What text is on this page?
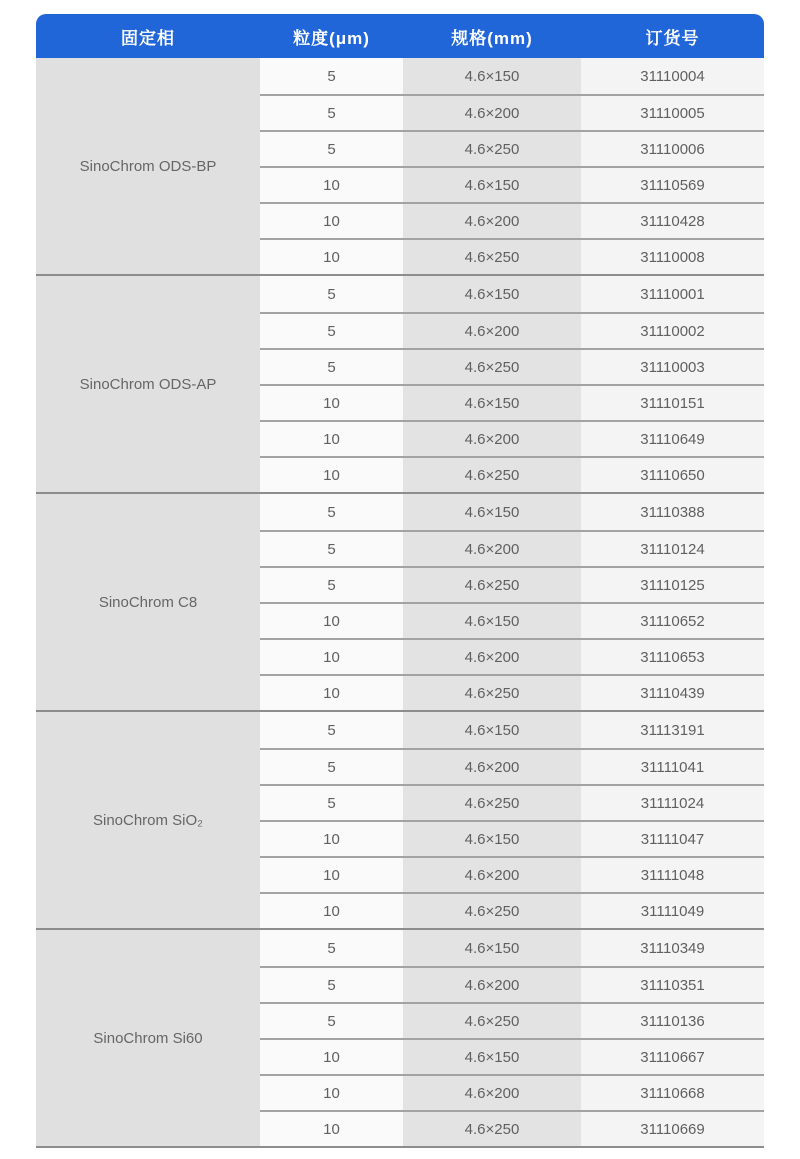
固定相	粒度(μm)	规格(mm)	订货号
SinoChrom ODS-BP
5	4.6×150	31110004
5	4.6×200	31110005
5	4.6×250	31110006
10	4.6×150	31110569
10	4.6×200	31110428
10	4.6×250	31110008
SinoChrom ODS-AP
5	4.6×150	31110001
5	4.6×200	31110002
5	4.6×250	31110003
10	4.6×150	31110151
10	4.6×200	31110649
10	4.6×250	31110650
SinoChrom C8
5	4.6×150	31110388
5	4.6×200	31110124
5	4.6×250	31110125
10	4.6×150	31110652
10	4.6×200	31110653
10	4.6×250	31110439
SinoChrom SiO₂
5	4.6×150	31113191
5	4.6×200	31111041
5	4.6×250	31111024
10	4.6×150	31111047
10	4.6×200	31111048
10	4.6×250	31111049
SinoChrom Si60
5	4.6×150	31110349
5	4.6×200	31110351
5	4.6×250	31110136
10	4.6×150	31110667
10	4.6×200	31110668
10	4.6×250	31110669
